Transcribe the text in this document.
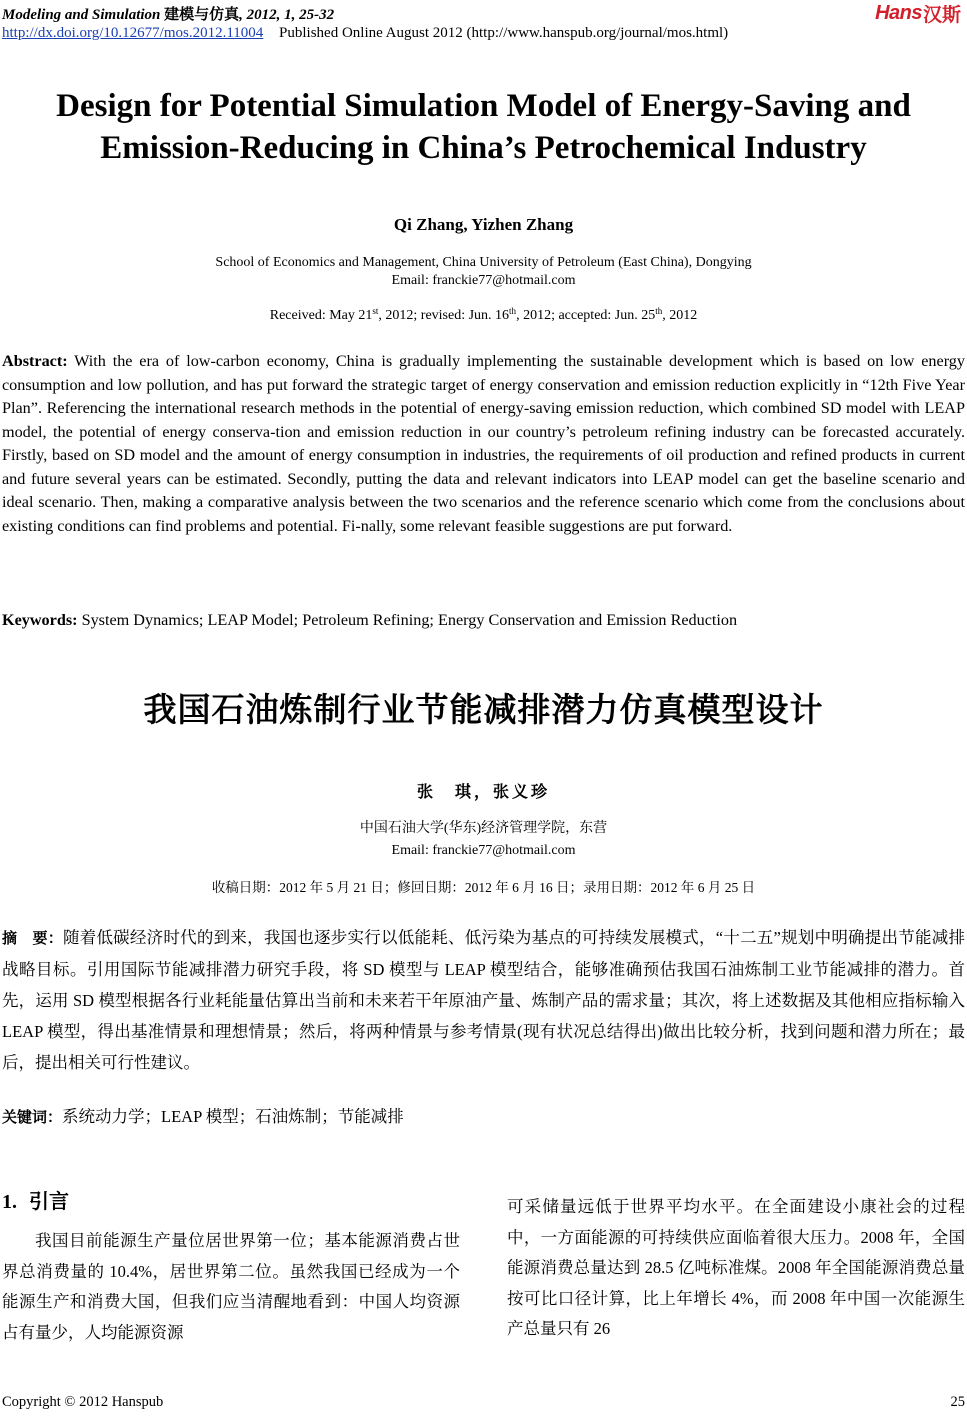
Modeling and Simulation 建模与仿真, 2012, 1, 25-32
http://dx.doi.org/10.12677/mos.2012.11004 Published Online August 2012 (http://www.hanspub.org/journal/mos.html)
Hans 汉斯
Design for Potential Simulation Model of Energy-Saving and
Emission-Reducing in China’s Petrochemical Industry
Qi Zhang, Yizhen Zhang
School of Economics and Management, China University of Petroleum (East China), Dongying
Email: franckie77@hotmail.com
Received: May 21st, 2012; revised: Jun. 16th, 2012; accepted: Jun. 25th, 2012
Abstract: With the era of low-carbon economy, China is gradually implementing the sustainable development which is based on low energy consumption and low pollution, and has put forward the strategic target of energy conservation and emission reduction explicitly in “12th Five Year Plan”. Referencing the international research methods in the potential of energy-saving emission reduction, which combined SD model with LEAP model, the potential of energy conserva-tion and emission reduction in our country’s petroleum refining industry can be forecasted accurately. Firstly, based on SD model and the amount of energy consumption in industries, the requirements of oil production and refined products in current and future several years can be estimated. Secondly, putting the data and relevant indicators into LEAP model can get the baseline scenario and ideal scenario. Then, making a comparative analysis between the two scenarios and the reference scenario which come from the conclusions about existing conditions can find problems and potential. Fi-nally, some relevant feasible suggestions are put forward.
Keywords: System Dynamics; LEAP Model; Petroleum Refining; Energy Conservation and Emission Reduction
我国石油炼制行业节能减排潜力仿真模型设计
张　琪，张义珍
中国石油大学(华东)经济管理学院，东营
Email: franckie77@hotmail.com
收稿日期：2012 年 5 月 21 日；修回日期：2012 年 6 月 16 日；录用日期：2012 年 6 月 25 日
摘　要：随着低碳经济时代的到来，我国也逐步实行以低能耗、低污染为基点的可持续发展模式，“十二五”规划中明确提出节能减排战略目标。引用国际节能减排潜力研究手段，将 SD 模型与 LEAP 模型结合，能够准确预估我国石油炼制工业节能减排的潜力。首先，运用 SD 模型根据各行业耗能量估算出当前和未来若干年原油产量、炼制产品的需求量；其次，将上述数据及其他相应指标输入 LEAP 模型，得出基准情景和理想情景；然后，将两种情景与参考情景(现有状况总结得出)做出比较分析，找到问题和潜力所在；最后，提出相关可行性建议。
关键词：系统动力学；LEAP 模型；石油炼制；节能减排
1. 引言
我国目前能源生产量位居世界第一位；基本能源消费占世界总消费量的 10.4%，居世界第二位。虽然我国已经成为一个能源生产和消费大国，但我们应当清醒地看到：中国人均资源占有量少，人均能源资源
可采储量远低于世界平均水平。在全面建设小康社会的过程中，一方面能源的可持续供应面临着很大压力。2008 年，全国能源消费总量达到 28.5 亿吨标准煤。2008 年全国能源消费总量按可比口径计算，比上年增长 4%，而 2008 年中国一次能源生产总量只有 26
Copyright © 2012 Hanspub	25
